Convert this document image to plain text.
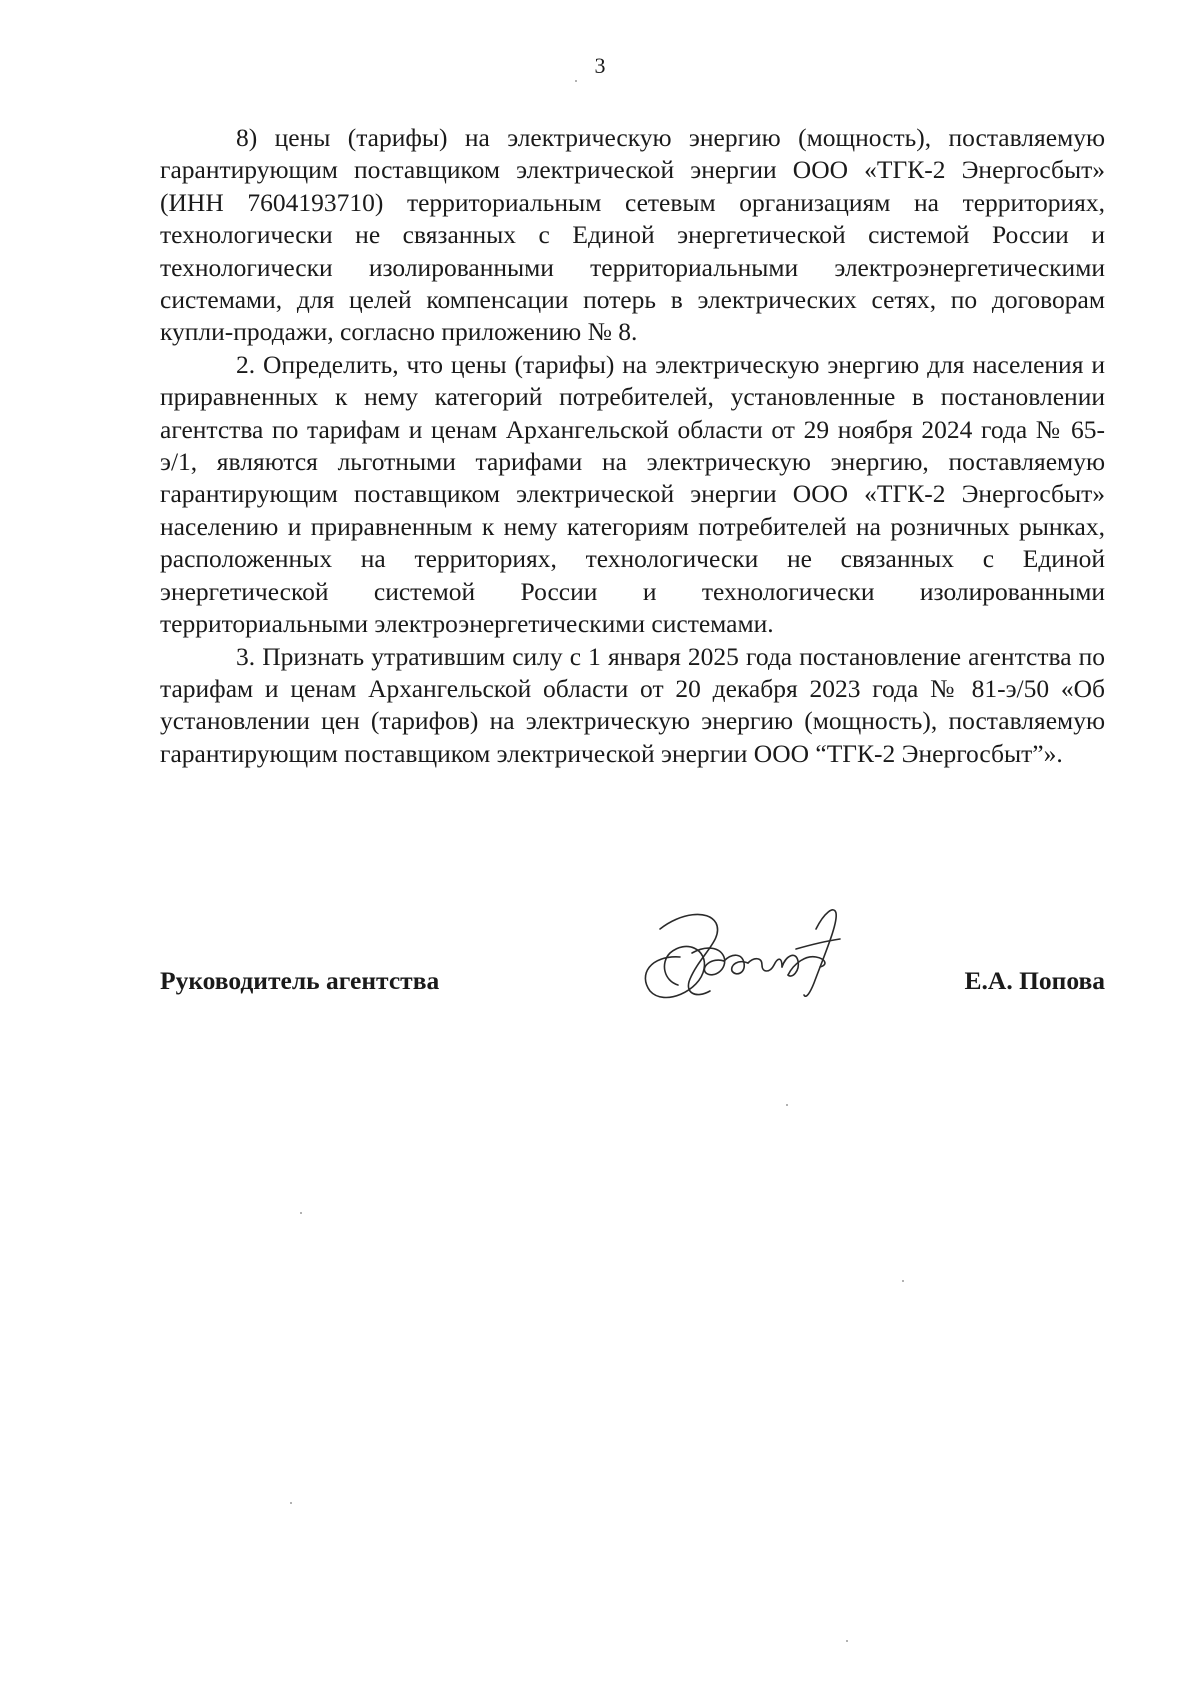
3

8) цены (тарифы) на электрическую энергию (мощность), поставляемую гарантирующим поставщиком электрической энергии ООО «ТГК-2 Энергосбыт» (ИНН 7604193710) территориальным сетевым организациям на территориях, технологически не связанных с Единой энергетической системой России и технологически изолированными территориальными электроэнергетическими системами, для целей компенсации потерь в электрических сетях, по договорам купли-продажи, согласно приложению № 8.

2. Определить, что цены (тарифы) на электрическую энергию для населения и приравненных к нему категорий потребителей, установленные в постановлении агентства по тарифам и ценам Архангельской области от 29 ноября 2024 года № 65-э/1, являются льготными тарифами на электрическую энергию, поставляемую гарантирующим поставщиком электрической энергии ООО «ТГК-2 Энергосбыт» населению и приравненным к нему категориям потребителей на розничных рынках, расположенных на территориях, технологически не связанных с Единой энергетической системой России и технологически изолированными территориальными электроэнергетическими системами.

3. Признать утратившим силу с 1 января 2025 года постановление агентства по тарифам и ценам Архангельской области от 20 декабря 2023 года № 81-э/50 «Об установлении цен (тарифов) на электрическую энергию (мощность), поставляемую гарантирующим поставщиком электрической энергии ООО “ТГК-2 Энергосбыт”».

Руководитель агентства	Е.А. Попова
